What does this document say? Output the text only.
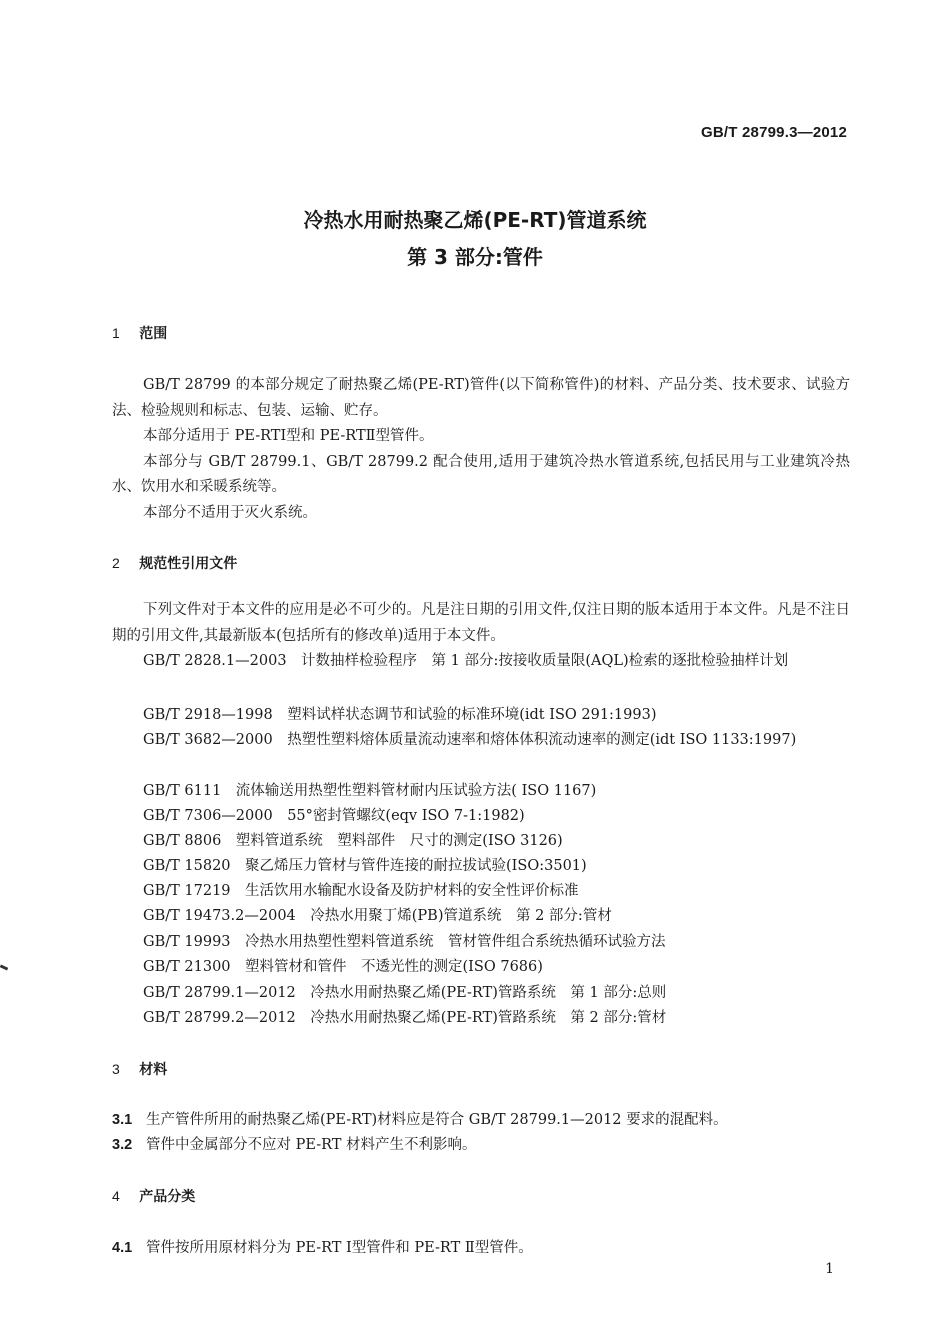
GB/T 28799.3—2012
冷热水用耐热聚乙烯(PE-RT)管道系统
第 3 部分:管件
1 范围

GB/T 28799 的本部分规定了耐热聚乙烯(PE-RT)管件(以下简称管件)的材料、产品分类、技术要求、试验方法、检验规则和标志、包装、运输、贮存。

本部分适用于 PE-RTⅠ型和 PE-RTⅡ型管件。

本部分与 GB/T 28799.1、GB/T 28799.2 配合使用,适用于建筑冷热水管道系统,包括民用与工业建筑冷热水、饮用水和采暖系统等。

本部分不适用于灭火系统。

2 规范性引用文件

下列文件对于本文件的应用是必不可少的。凡是注日期的引用文件,仅注日期的版本适用于本文件。凡是不注日期的引用文件,其最新版本(包括所有的修改单)适用于本文件。

GB/T 2828.1—2003　计数抽样检验程序　第 1 部分:按接收质量限(AQL)检索的逐批检验抽样计划

GB/T 2918—1998　塑料试样状态调节和试验的标准环境(idt ISO 291:1993)

GB/T 3682—2000　热塑性塑料熔体质量流动速率和熔体体积流动速率的测定(idt ISO 1133:1997)

GB/T 6111　流体输送用热塑性塑料管材耐内压试验方法( ISO 1167)
GB/T 7306—2000　55°密封管螺纹(eqv ISO 7-1:1982)
GB/T 8806　塑料管道系统　塑料部件　尺寸的测定(ISO 3126)
GB/T 15820　聚乙烯压力管材与管件连接的耐拉拔试验(ISO:3501)
GB/T 17219　生活饮用水输配水设备及防护材料的安全性评价标准
GB/T 19473.2—2004　冷热水用聚丁烯(PB)管道系统　第 2 部分:管材
GB/T 19993　冷热水用热塑性塑料管道系统　管材管件组合系统热循环试验方法
GB/T 21300　塑料管材和管件　不透光性的测定(ISO 7686)
GB/T 28799.1—2012　冷热水用耐热聚乙烯(PE-RT)管路系统　第 1 部分:总则
GB/T 28799.2—2012　冷热水用耐热聚乙烯(PE-RT)管路系统　第 2 部分:管材
3 材料
3.1 生产管件所用的耐热聚乙烯(PE-RT)材料应是符合 GB/T 28799.1—2012 要求的混配料。
3.2 管件中金属部分不应对 PE-RT 材料产生不利影响。
4 产品分类
4.1 管件按所用原材料分为 PE-RT Ⅰ型管件和 PE-RT Ⅱ型管件。
1
